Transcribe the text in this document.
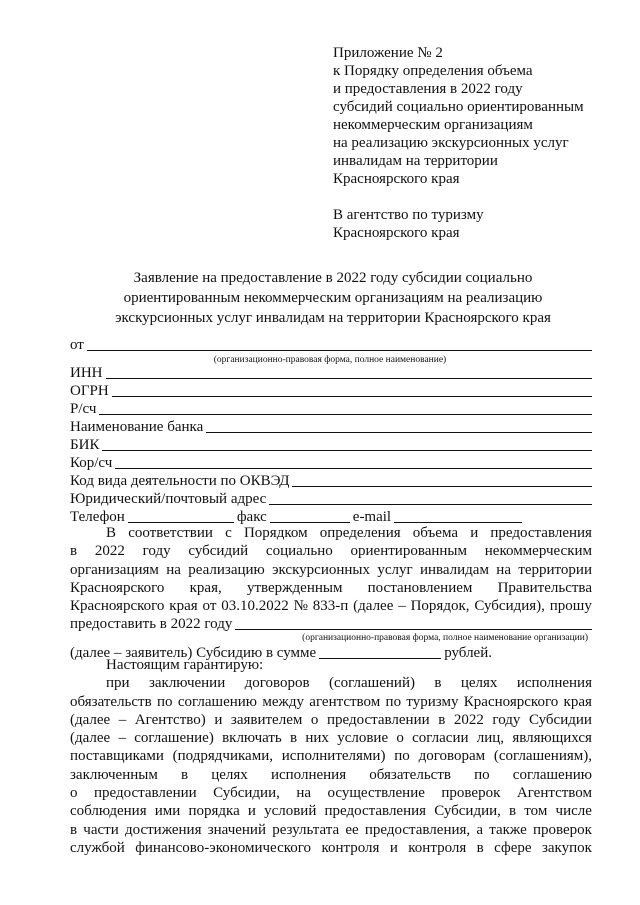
Приложение № 2
к Порядку определения объема
и предоставления в 2022 году
субсидий социально ориентированным
некоммерческим организациям
на реализацию экскурсионных услуг
инвалидам на территории
Красноярского края
В агентство по туризму
Красноярского края
Заявление на предоставление в 2022 году субсидии социально
ориентированным некоммерческим организациям на реализацию
экскурсионных услуг инвалидам на территории Красноярского края
от
(организационно-правовая форма, полное наименование)
ИНН
ОГРН
Р/сч
Наименование банка
БИК
Кор/сч
Код вида деятельности по ОКВЭД
Юридический/почтовый адрес
Телефон	факс	e-mail
В соответствии с Порядком определения объема и предоставления
в 2022 году субсидий социально ориентированным некоммерческим
организациям на реализацию экскурсионных услуг инвалидам на территории
Красноярского края, утвержденным постановлением Правительства
Красноярского края от 03.10.2022 № 833-п (далее – Порядок, Субсидия), прошу
предоставить в 2022 году
(организационно-правовая форма, полное наименование организации)
(далее – заявитель) Субсидию в сумме	рублей.
Настоящим гарантирую:
при заключении договоров (соглашений) в целях исполнения
обязательств по соглашению между агентством по туризму Красноярского края
(далее – Агентство) и заявителем о предоставлении в 2022 году Субсидии
(далее – соглашение) включать в них условие о согласии лиц, являющихся
поставщиками (подрядчиками, исполнителями) по договорам (соглашениям),
заключенным в целях исполнения обязательств по соглашению
о предоставлении Субсидии, на осуществление проверок Агентством
соблюдения ими порядка и условий предоставления Субсидии, в том числе
в части достижения значений результата ее предоставления, а также проверок
службой финансово-экономического контроля и контроля в сфере закупок
